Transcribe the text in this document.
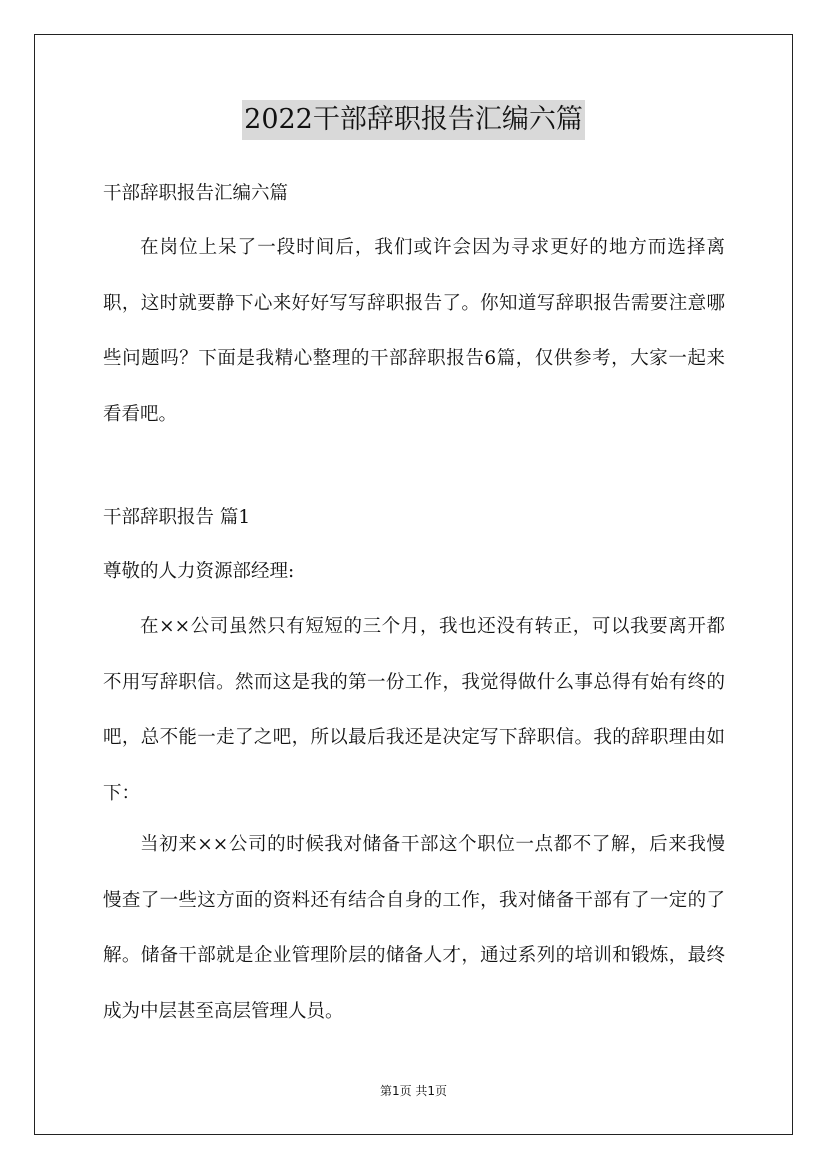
2022干部辞职报告汇编六篇
干部辞职报告汇编六篇

在岗位上呆了一段时间后，我们或许会因为寻求更好的地方而选择离职，这时就要静下心来好好写写辞职报告了。你知道写辞职报告需要注意哪些问题吗？下面是我精心整理的干部辞职报告6篇，仅供参考，大家一起来看看吧。

干部辞职报告 篇1
尊敬的人力资源部经理:

在××公司虽然只有短短的三个月，我也还没有转正，可以我要离开都不用写辞职信。然而这是我的第一份工作，我觉得做什么事总得有始有终的吧，总不能一走了之吧，所以最后我还是决定写下辞职信。我的辞职理由如下：

当初来××公司的时候我对储备干部这个职位一点都不了解，后来我慢慢查了一些这方面的资料还有结合自身的工作，我对储备干部有了一定的了解。储备干部就是企业管理阶层的储备人才，通过系列的培训和锻炼，最终成为中层甚至高层管理人员。

第1页 共1页
